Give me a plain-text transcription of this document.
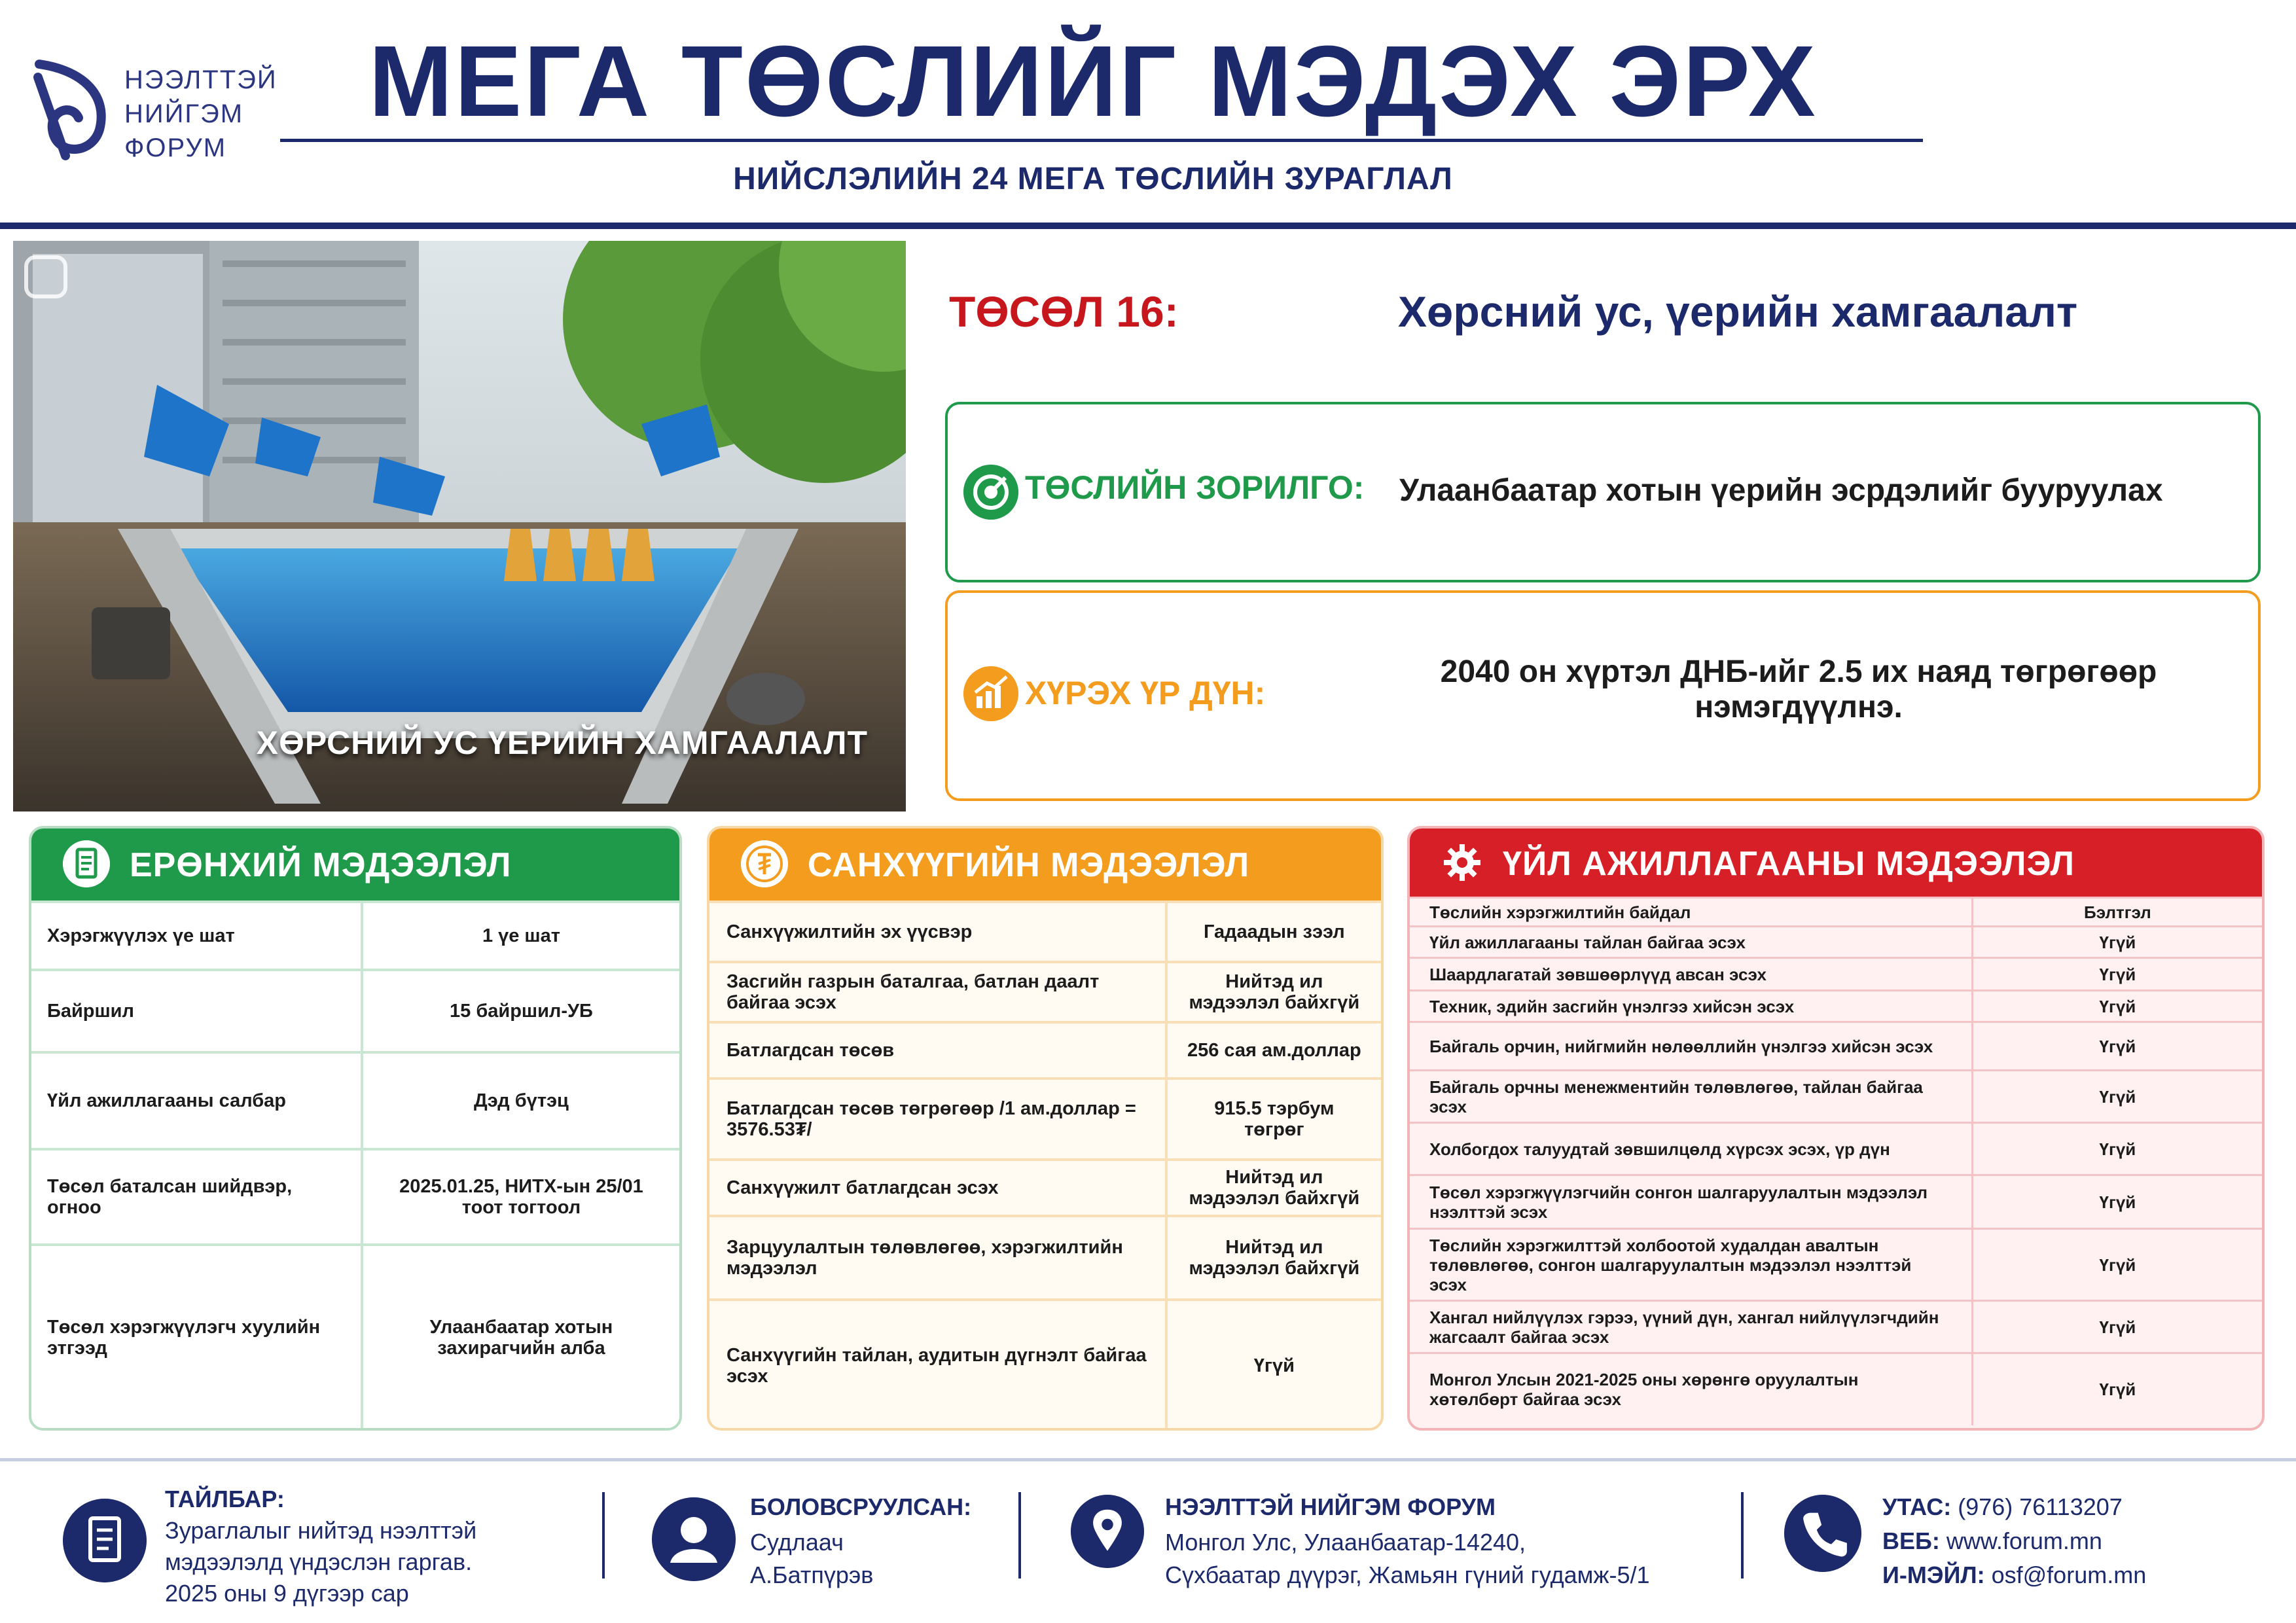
НЭЭЛТТЭЙ
НИЙГЭМ
ФОРУМ
МЕГА ТӨСЛИЙГ МЭДЭХ ЭРХ
НИЙСЛЭЛИЙН 24 МЕГА ТӨСЛИЙН ЗУРАГЛАЛ
ХӨРСНИЙ УС ҮЕРИЙН ХАМГААЛАЛТ
ТӨСӨЛ 16:	Хөрсний ус, үерийн хамгаалалт
ТӨСЛИЙН ЗОРИЛГО: Улаанбаатар хотын үерийн эсрдэлийг бууруулах
ХҮРЭХ ҮР ДҮН:
2040 он хүртэл ДНБ-ийг 2.5 их наяд төгрөгөөр
нэмэгдүүлнэ.
ЕРӨНХИЙ МЭДЭЭЛЭЛ
Хэрэгжүүлэх үе шат	1 үе шат
Байршил	15 байршил-УБ
Үйл ажиллагааны салбар	Дэд бүтэц
Төсөл баталсан шийдвэр, огноо	2025.01.25, НИТХ-ын 25/01 тоот тогтоол
Төсөл хэрэгжүүлэгч хуулийн этгээд	Улаанбаатар хотын захирагчийн алба
САНХҮҮГИЙН МЭДЭЭЛЭЛ
Санхүүжилтийн эх үүсвэр	Гадаадын зээл
Засгийн газрын баталгаа, батлан даалт байгаа эсэх	Нийтэд ил мэдээлэл байхгүй
Батлагдсан төсөв	256 сая ам.доллар
Батлагдсан төсөв төгрөгөөр /1 ам.доллар = 3576.53₮/	915.5 тэрбум төгрөг
Санхүүжилт батлагдсан эсэх	Нийтэд ил мэдээлэл байхгүй
Зарцуулалтын төлөвлөгөө, хэрэгжилтийн мэдээлэл	Нийтэд ил мэдээлэл байхгүй
Санхүүгийн тайлан, аудитын дүгнэлт байгаа эсэх	Үгүй
ҮЙЛ АЖИЛЛАГААНЫ МЭДЭЭЛЭЛ
Төслийн хэрэгжилтийн байдал	Бэлтгэл
Үйл ажиллагааны тайлан байгаа эсэх	Үгүй
Шаардлагатай зөвшөөрлүүд авсан эсэх	Үгүй
Техник, эдийн засгийн үнэлгээ хийсэн эсэх	Үгүй
Байгаль орчин, нийгмийн нөлөөллийн үнэлгээ хийсэн эсэх	Үгүй
Байгаль орчны менежментийн төлөвлөгөө, тайлан байгаа эсэх	Үгүй
Холбогдох талуудтай зөвшилцөлд хүрсэх эсэх, үр дүн	Үгүй
Төсөл хэрэгжүүлэгчийн сонгон шалгаруулалтын мэдээлэл нээлттэй эсэх	Үгүй
Төслийн хэрэгжилттэй холбоотой худалдан авалтын төлөвлөгөө, сонгон шалгаруулалтын мэдээлэл нээлттэй эсэх	Үгүй
Хангал нийлүүлэх гэрээ, үүний дүн, хангал нийлүүлэгчдийн жагсаалт байгаа эсэх	Үгүй
Монгол Улсын 2021-2025 оны хөрөнгө оруулалтын хөтөлбөрт байгаа эсэх	Үгүй
ТАЙЛБАР:
Зураглалыг нийтэд нээлттэй
мэдээлэлд үндэслэн гаргав.
2025 оны 9 дүгээр сар
БОЛОВСРУУЛСАН:
Судлаач
А.Батпүрэв
НЭЭЛТТЭЙ НИЙГЭМ ФОРУМ
Монгол Улс, Улаанбаатар-14240,
Сүхбаатар дүүрэг, Жамьян гүний гудамж-5/1
УТАС: (976) 76113207
ВЕБ: www.forum.mn
И-МЭЙЛ: osf@forum.mn
